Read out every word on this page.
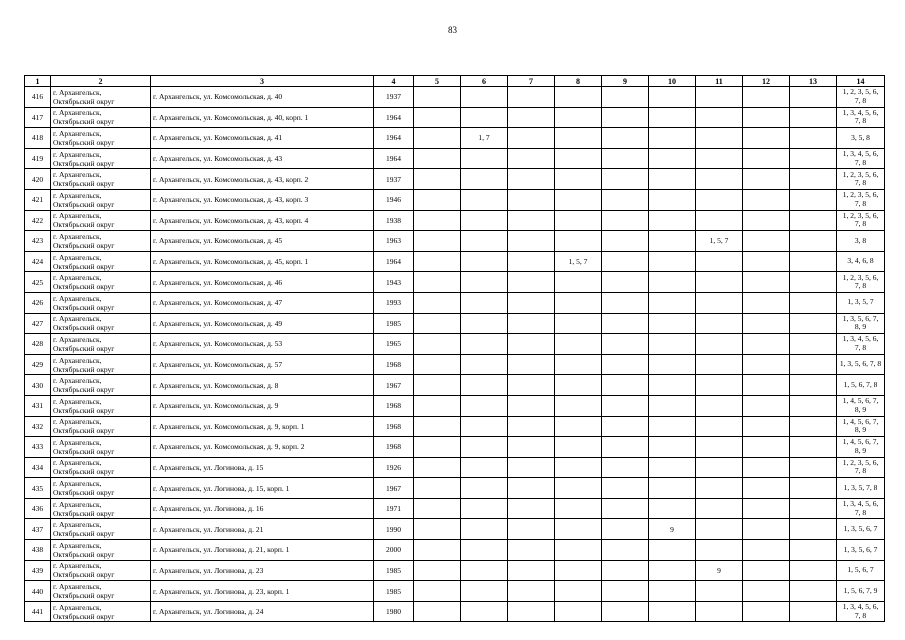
83
1	2	3	4	5	6	7	8	9	10	11	12	13	14
416	г. Архангельск,
Октябрьский округ	г. Архангельск, ул. Комсомольская, д. 40	1937										1, 2, 3, 5, 6, 7, 8
417	г. Архангельск,
Октябрьский округ	г. Архангельск, ул. Комсомольская, д. 40, корп. 1	1964										1, 3, 4, 5, 6, 7, 8
418	г. Архангельск,
Октябрьский округ	г. Архангельск, ул. Комсомольская, д. 41	1964		1, 7								3, 5, 8
419	г. Архангельск,
Октябрьский округ	г. Архангельск, ул. Комсомольская, д. 43	1964										1, 3, 4, 5, 6, 7, 8
420	г. Архангельск,
Октябрьский округ	г. Архангельск, ул. Комсомольская, д. 43, корп. 2	1937										1, 2, 3, 5, 6, 7, 8
421	г. Архангельск,
Октябрьский округ	г. Архангельск, ул. Комсомольская, д. 43, корп. 3	1946										1, 2, 3, 5, 6, 7, 8
422	г. Архангельск,
Октябрьский округ	г. Архангельск, ул. Комсомольская, д. 43, корп. 4	1938										1, 2, 3, 5, 6, 7, 8
423	г. Архангельск,
Октябрьский округ	г. Архангельск, ул. Комсомольская, д. 45	1963							1, 5, 7			3, 8
424	г. Архангельск,
Октябрьский округ	г. Архангельск, ул. Комсомольская, д. 45, корп. 1	1964				1, 5, 7						3, 4, 6, 8
425	г. Архангельск,
Октябрьский округ	г. Архангельск, ул. Комсомольская, д. 46	1943										1, 2, 3, 5, 6, 7, 8
426	г. Архангельск,
Октябрьский округ	г. Архангельск, ул. Комсомольская, д. 47	1993										1, 3, 5, 7
427	г. Архангельск,
Октябрьский округ	г. Архангельск, ул. Комсомольская, д. 49	1985										1, 3, 5, 6, 7, 8, 9
428	г. Архангельск,
Октябрьский округ	г. Архангельск, ул. Комсомольская, д. 53	1965										1, 3, 4, 5, 6, 7, 8
429	г. Архангельск,
Октябрьский округ	г. Архангельск, ул. Комсомольская, д. 57	1968										1, 3, 5, 6, 7, 8
430	г. Архангельск,
Октябрьский округ	г. Архангельск, ул. Комсомольская, д. 8	1967										1, 5, 6, 7, 8
431	г. Архангельск,
Октябрьский округ	г. Архангельск, ул. Комсомольская, д. 9	1968										1, 4, 5, 6, 7, 8, 9
432	г. Архангельск,
Октябрьский округ	г. Архангельск, ул. Комсомольская, д. 9, корп. 1	1968										1, 4, 5, 6, 7, 8, 9
433	г. Архангельск,
Октябрьский округ	г. Архангельск, ул. Комсомольская, д. 9, корп. 2	1968										1, 4, 5, 6, 7, 8, 9
434	г. Архангельск,
Октябрьский округ	г. Архангельск, ул. Логинова, д. 15	1926										1, 2, 3, 5, 6, 7, 8
435	г. Архангельск,
Октябрьский округ	г. Архангельск, ул. Логинова, д. 15, корп. 1	1967										1, 3, 5, 7, 8
436	г. Архангельск,
Октябрьский округ	г. Архангельск, ул. Логинова, д. 16	1971										1, 3, 4, 5, 6, 7, 8
437	г. Архангельск,
Октябрьский округ	г. Архангельск, ул. Логинова, д. 21	1990						9				1, 3, 5, 6, 7
438	г. Архангельск,
Октябрьский округ	г. Архангельск, ул. Логинова, д. 21, корп. 1	2000										1, 3, 5, 6, 7
439	г. Архангельск,
Октябрьский округ	г. Архангельск, ул. Логинова, д. 23	1985							9			1, 5, 6, 7
440	г. Архангельск,
Октябрьский округ	г. Архангельск, ул. Логинова, д. 23, корп. 1	1985										1, 5, 6, 7, 9
441	г. Архангельск,
Октябрьский округ	г. Архангельск, ул. Логинова, д. 24	1980										1, 3, 4, 5, 6, 7, 8
